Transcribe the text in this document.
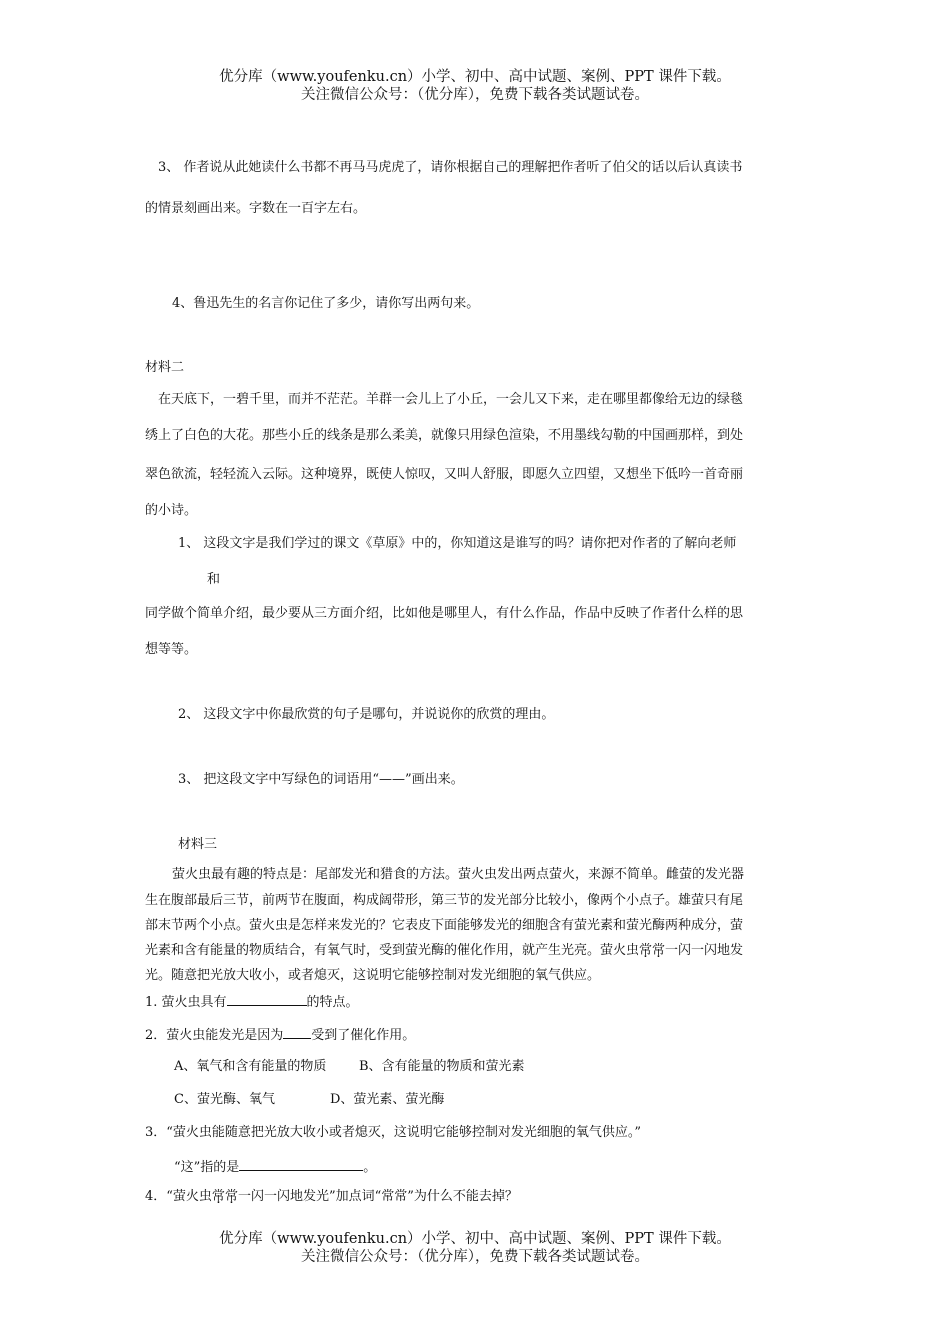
优分库（www.youfenku.cn）小学、初中、高中试题、案例、PPT 课件下载。
关注微信公众号：（优分库），免费下载各类试题试卷。
3、 作者说从此她读什么书都不再马马虎虎了，请你根据自己的理解把作者听了伯父的话以后认真读书
的情景刻画出来。字数在一百字左右。
4、鲁迅先生的名言你记住了多少，请你写出两句来。
材料二
在天底下，一碧千里，而并不茫茫。羊群一会儿上了小丘，一会儿又下来，走在哪里都像给无边的绿毯
绣上了白色的大花。那些小丘的线条是那么柔美，就像只用绿色渲染，不用墨线勾勒的中国画那样，到处
翠色欲流，轻轻流入云际。这种境界，既使人惊叹，又叫人舒服，即愿久立四望，又想坐下低吟一首奇丽
的小诗。
1、 这段文字是我们学过的课文《草原》中的，你知道这是谁写的吗？请你把对作者的了解向老师
和
同学做个简单介绍，最少要从三方面介绍，比如他是哪里人，有什么作品，作品中反映了作者什么样的思
想等等。
2、 这段文字中你最欣赏的句子是哪句，并说说你的欣赏的理由。
3、 把这段文字中写绿色的词语用“——”画出来。
材料三
萤火虫最有趣的特点是：尾部发光和猎食的方法。萤火虫发出两点萤火，来源不简单。雌萤的发光器
生在腹部最后三节，前两节在腹面，构成阔带形，第三节的发光部分比较小，像两个小点子。雄萤只有尾
部末节两个小点。萤火虫是怎样来发光的？它表皮下面能够发光的细胞含有萤光素和萤光酶两种成分，萤
光素和含有能量的物质结合，有氧气时，受到萤光酶的催化作用，就产生光亮。萤火虫常常一闪一闪地发
光。随意把光放大收小，或者熄灭，这说明它能够控制对发光细胞的氧气供应。
1. 萤火虫具有	的特点。
2．萤火虫能发光是因为 受到了催化作用。
A、氧气和含有能量的物质	B、含有能量的物质和萤光素
C、萤光酶、氧气	D、萤光素、萤光酶
3．“萤火虫能随意把光放大收小或者熄灭，这说明它能够控制对发光细胞的氧气供应。”
“这”指的是	。
4．“萤火虫常常一闪一闪地发光”加点词“常常”为什么不能去掉？
优分库（www.youfenku.cn）小学、初中、高中试题、案例、PPT 课件下载。
关注微信公众号：（优分库），免费下载各类试题试卷。
